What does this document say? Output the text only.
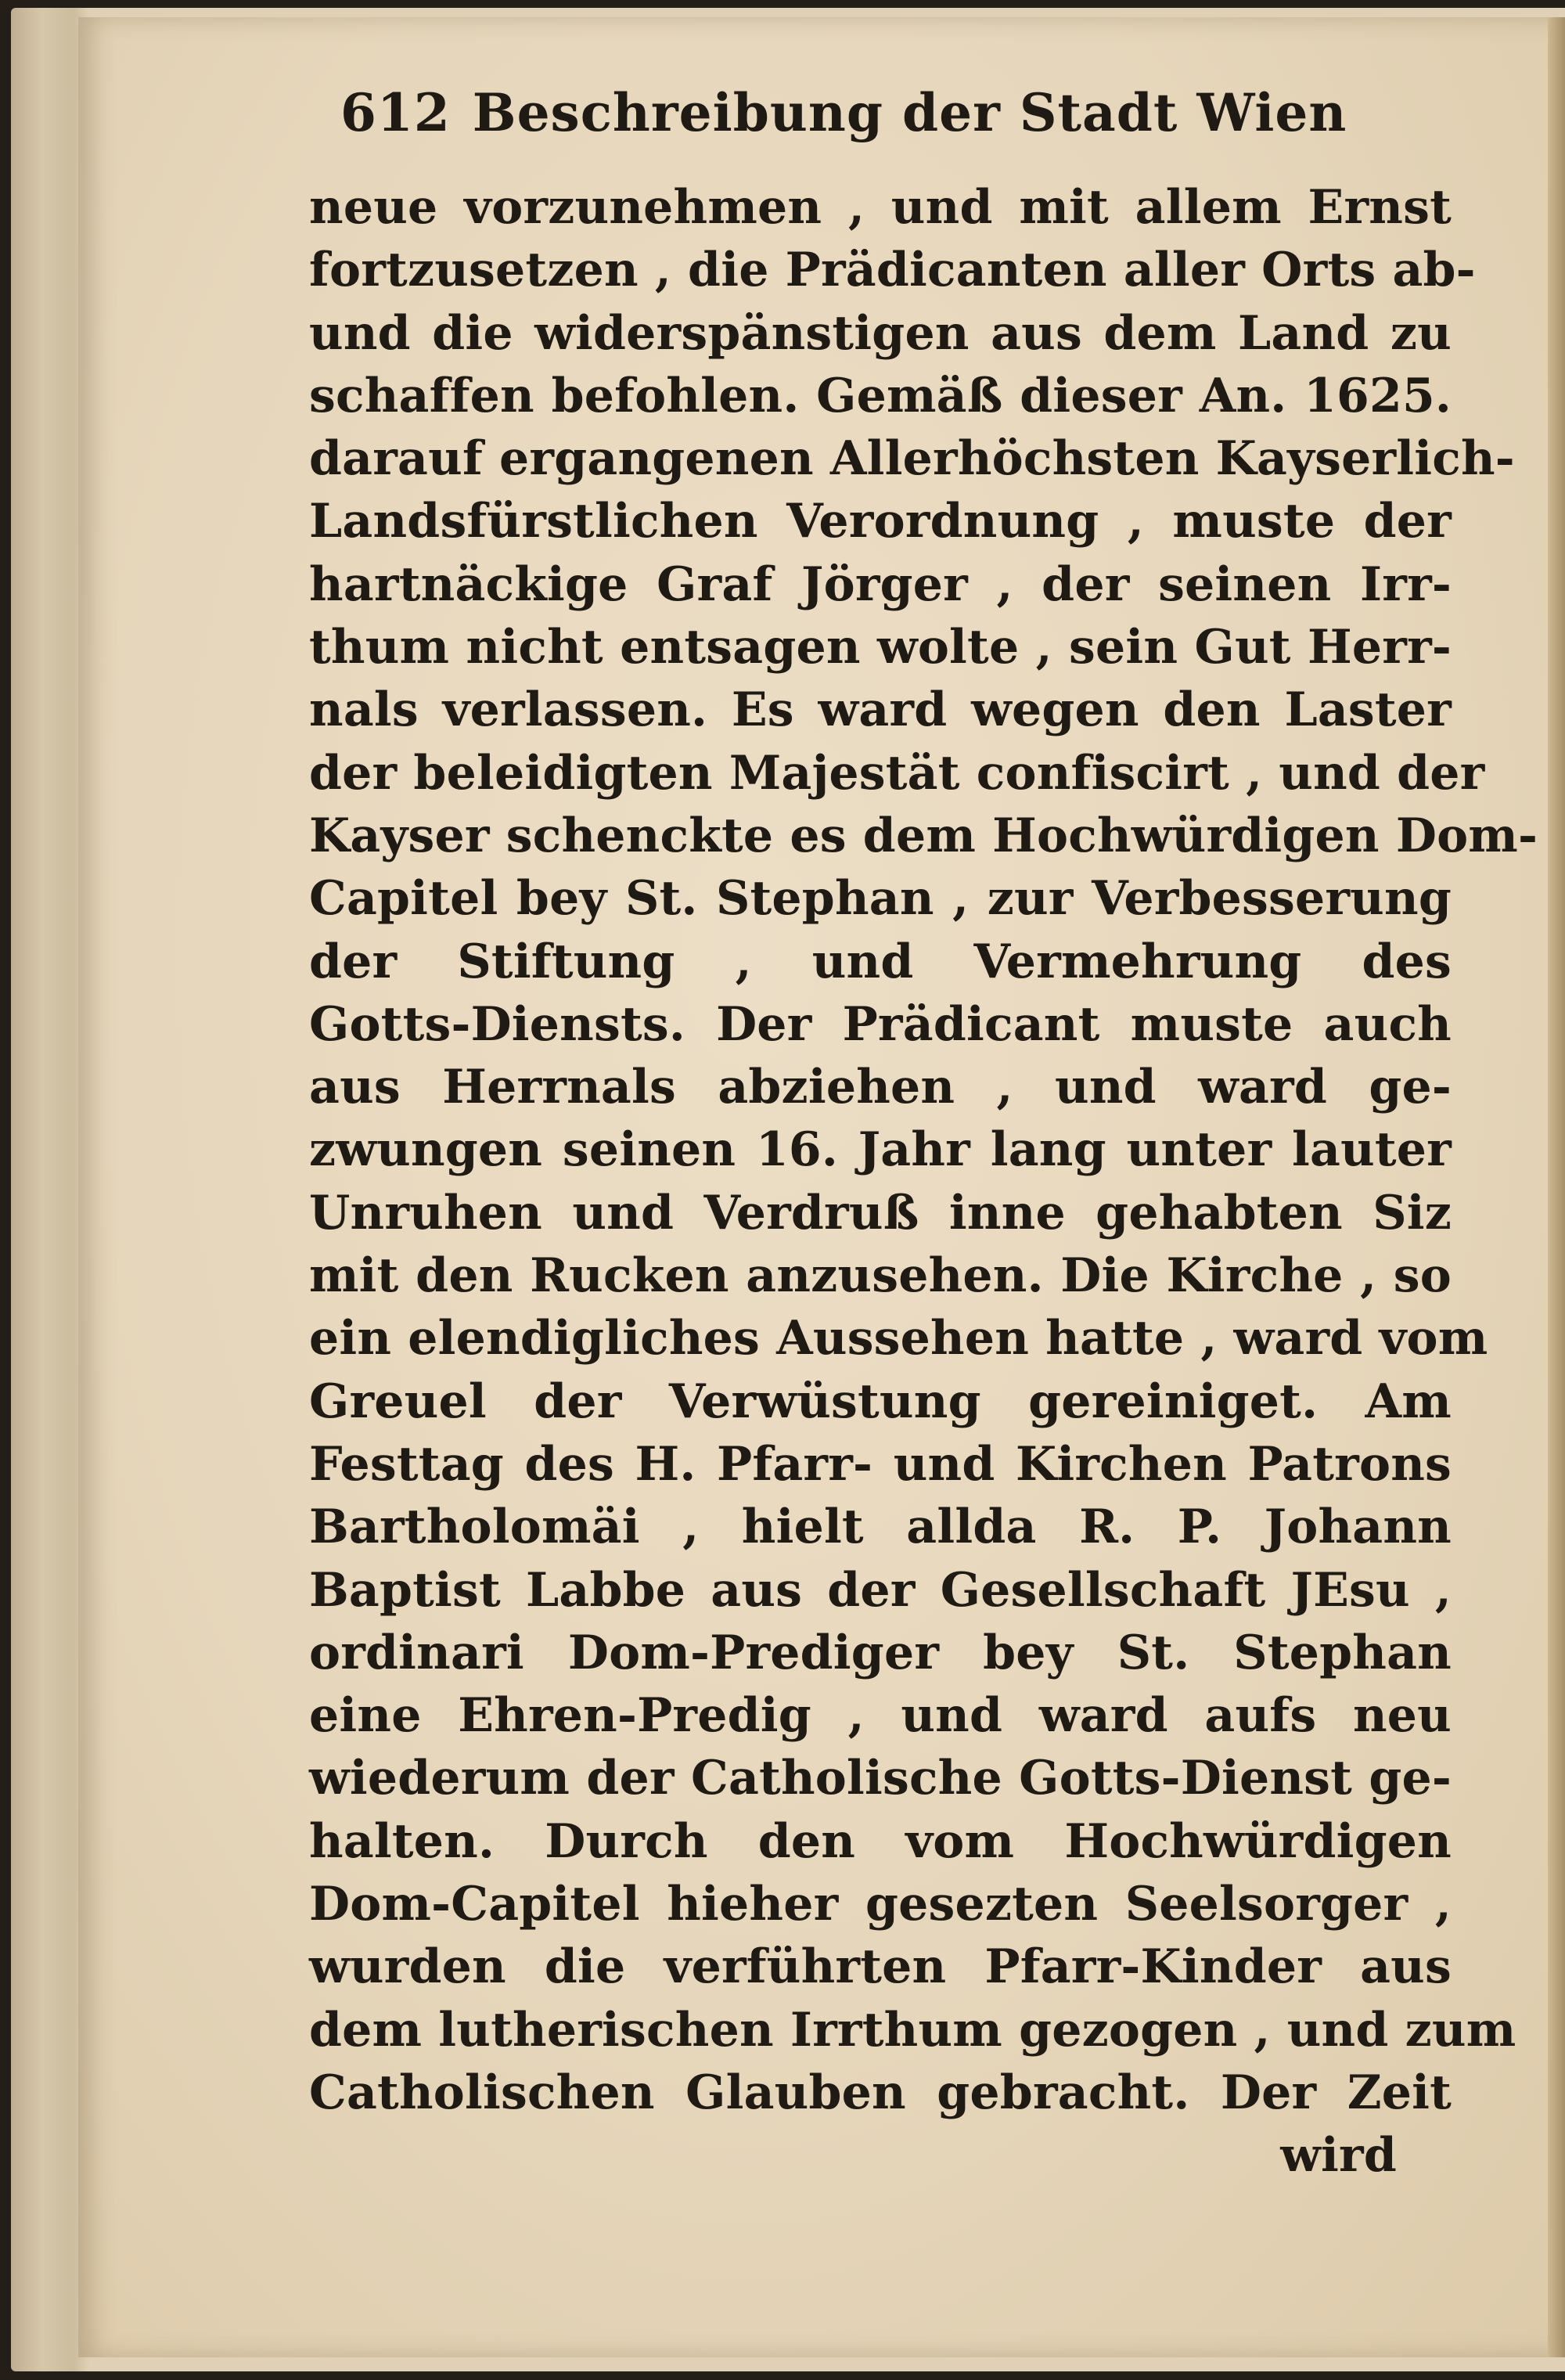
612 Beschreibung der Stadt Wien
neue vorzunehmen , und mit allem Ernst
fortzusetzen , die Prädicanten aller Orts ab-
und die widerspänstigen aus dem Land zu
schaffen befohlen. Gemäß dieser An. 1625.
darauf ergangenen Allerhöchsten Kayserlich-
Landsfürstlichen Verordnung , muste der
hartnäckige Graf Jörger , der seinen Irr-
thum nicht entsagen wolte , sein Gut Herr-
nals verlassen. Es ward wegen den Laster
der beleidigten Majestät confiscirt , und der
Kayser schenckte es dem Hochwürdigen Dom-
Capitel bey St. Stephan , zur Verbesserung
der Stiftung , und Vermehrung des
Gotts-Diensts. Der Prädicant muste auch
aus Herrnals abziehen , und ward ge-
zwungen seinen 16. Jahr lang unter lauter
Unruhen und Verdruß inne gehabten Siz
mit den Rucken anzusehen. Die Kirche , so
ein elendigliches Aussehen hatte , ward vom
Greuel der Verwüstung gereiniget. Am
Festtag des H. Pfarr- und Kirchen Patrons
Bartholomäi , hielt allda R. P. Johann
Baptist Labbe aus der Gesellschaft JEsu ,
ordinari Dom-Prediger bey St. Stephan
eine Ehren-Predig , und ward aufs neu
wiederum der Catholische Gotts-Dienst ge-
halten. Durch den vom Hochwürdigen
Dom-Capitel hieher gesezten Seelsorger ,
wurden die verführten Pfarr-Kinder aus
dem lutherischen Irrthum gezogen , und zum
Catholischen Glauben gebracht. Der Zeit
wird
